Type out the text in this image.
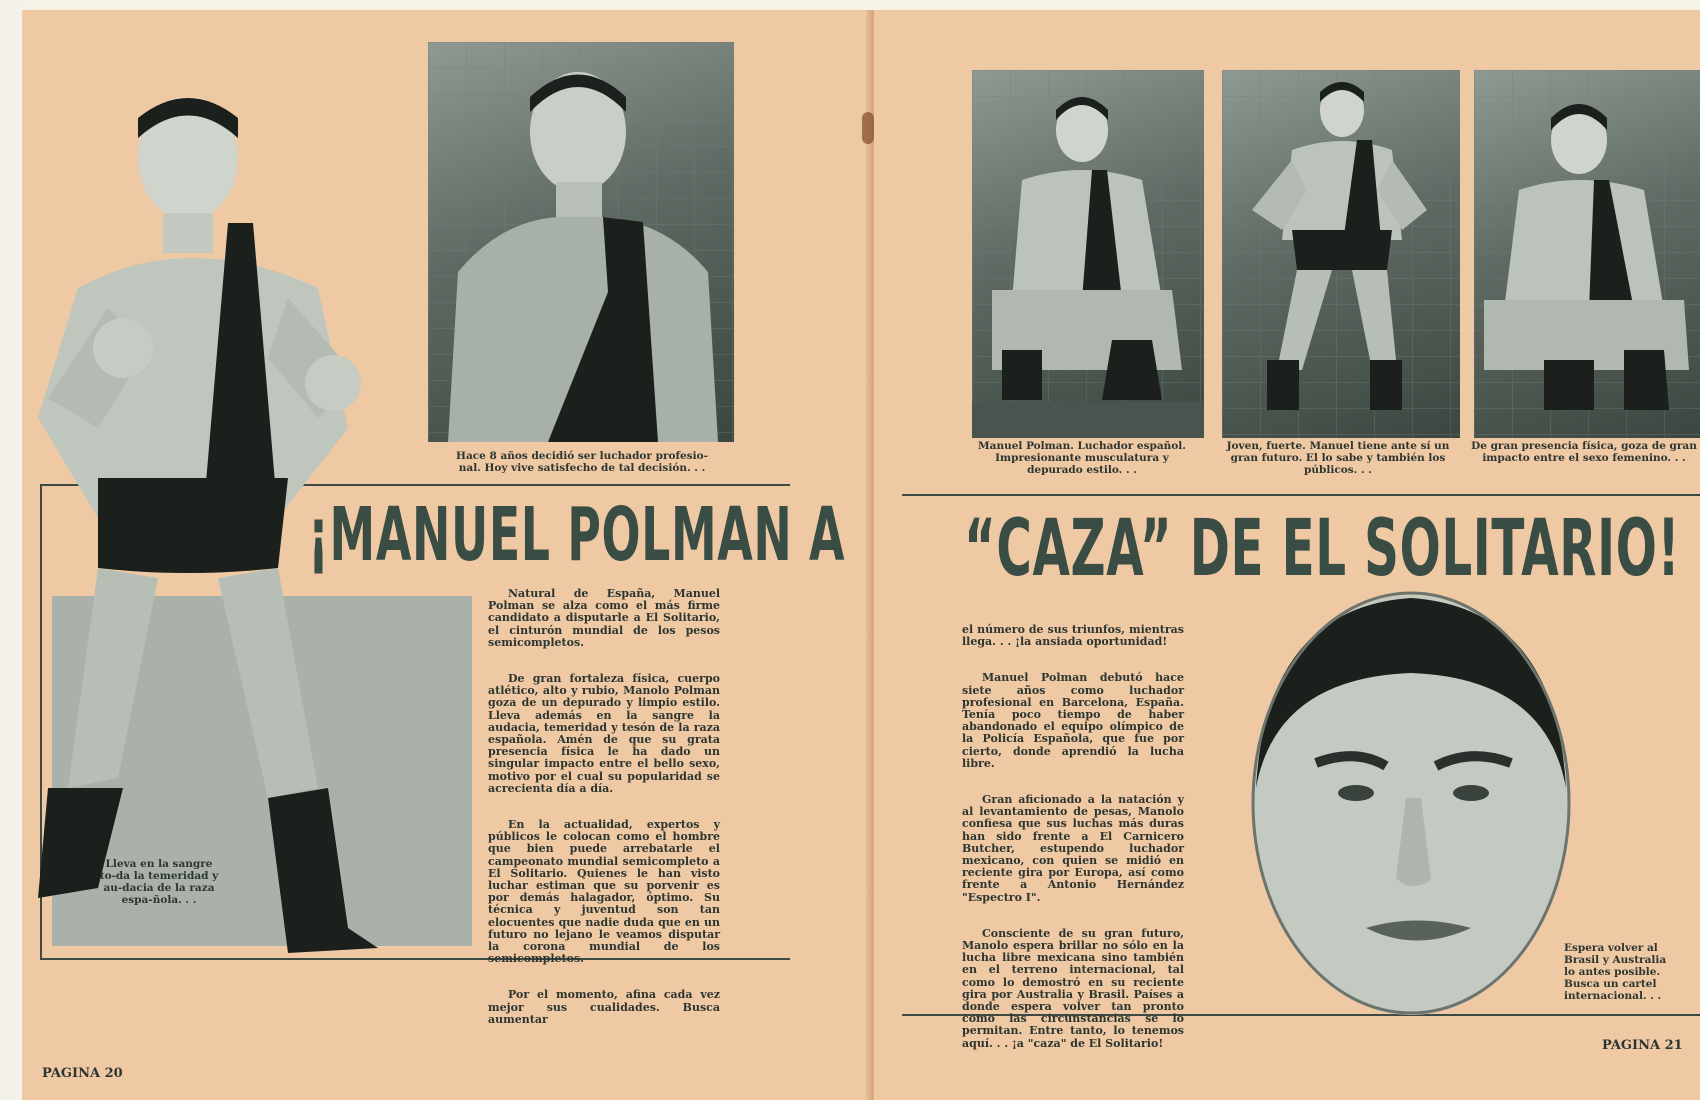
Hace 8 años decidió ser luchador profesio-nal. Hoy vive satisfecho de tal decisión. . .
Lleva en la sangre to-da la temeridad y au-dacia de la raza espa-ñola. . .
¡MANUEL POLMAN A

Natural de España, Manuel Polman se alza como el más firme candidato a disputarle a El Solitario, el cinturón mundial de los pesos semicompletos.

De gran fortaleza física, cuerpo atlético, alto y rubio, Manolo Polman goza de un depurado y limpio estilo. Lleva además en la sangre la audacia, temeridad y tesón de la raza española. Amén de que su grata presencia física le ha dado un singular impacto entre el bello sexo, motivo por el cual su popularidad se acrecienta día a día.

En la actualidad, expertos y públicos le colocan como el hombre que bien puede arrebatarle el campeonato mundial semicompleto a El Solitario. Quienes le han visto luchar estiman que su porvenir es por demás halagador, óptimo. Su técnica y juventud son tan elocuentes que nadie duda que en un futuro no lejano le veamos disputar la corona mundial de los semicompletos.

Por el momento, afina cada vez mejor sus cualidades. Busca aumentar

PAGINA 20
Manuel Polman. Luchador español. Impresionante musculatura y depurado estilo. . .
Joven, fuerte. Manuel tiene ante sí un gran futuro. El lo sabe y también los públicos. . .
De gran presencia física, goza de gran impacto entre el sexo femenino. . .
“CAZA” DE EL SOLITARIO!

el número de sus triunfos, mientras llega. . . ¡la ansiada oportunidad!

Manuel Polman debutó hace siete años como luchador profesional en Barcelona, España. Tenía poco tiempo de haber abandonado el equipo olímpico de la Policía Española, que fue por cierto, donde aprendió la lucha libre.

Gran aficionado a la natación y al levantamiento de pesas, Manolo confiesa que sus luchas más duras han sido frente a El Carnicero Butcher, estupendo luchador mexicano, con quien se midió en reciente gira por Europa, así como frente a Antonio Hernández "Espectro I".

Consciente de su gran futuro, Manolo espera brillar no sólo en la lucha libre mexicana sino también en el terreno internacional, tal como lo demostró en su reciente gira por Australia y Brasil. Países a donde espera volver tan pronto como las circunstancias se lo permitan. Entre tanto, lo tenemos aquí. . . ¡a "caza" de El Solitario!

Espera volver al Brasil y Australia lo antes posible. Busca un cartel internacional. . .
PAGINA 21
